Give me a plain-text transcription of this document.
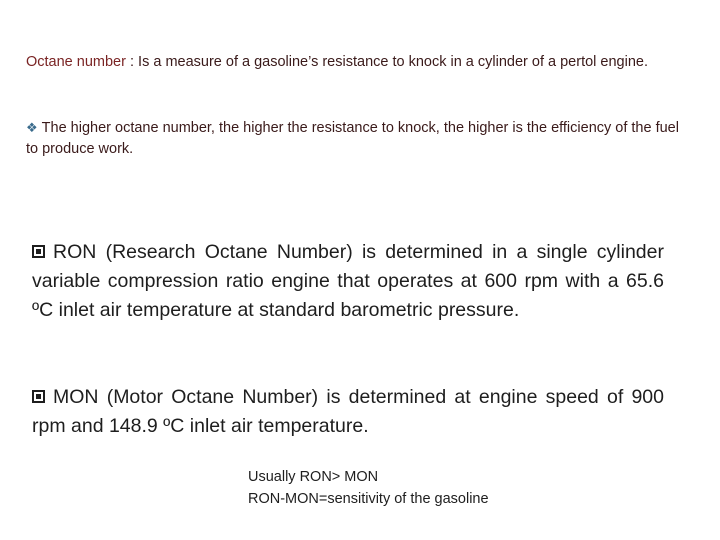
Octane number : Is a measure of a gasoline’s resistance to knock in a cylinder of a pertol engine.
❖ The higher octane number, the higher the resistance to knock, the higher is the efficiency of the fuel to produce work.
RON (Research Octane Number) is determined in a single cylinder variable compression ratio engine that operates at 600 rpm with a 65.6 ºC inlet air temperature at standard barometric pressure.
MON (Motor Octane Number) is determined at engine speed of 900 rpm and 148.9 ºC inlet air temperature.
Usually RON> MON
RON-MON=sensitivity of the gasoline
